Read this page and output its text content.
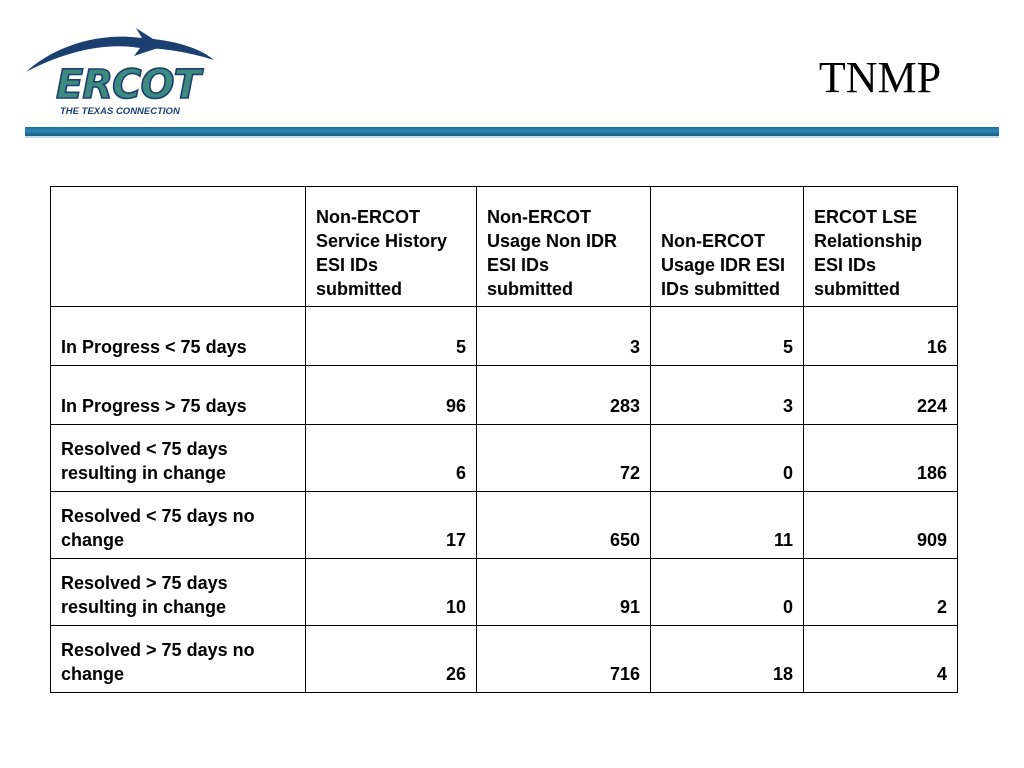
ERCOT
THE TEXAS CONNECTION
TNMP
	Non-ERCOT Service History ESI IDs submitted	Non-ERCOT Usage Non IDR ESI IDs submitted	Non-ERCOT Usage IDR ESI IDs submitted	ERCOT LSE Relationship ESI IDs submitted
In Progress < 75 days	5	3	5	16
In Progress > 75 days	96	283	3	224
Resolved < 75 days resulting in change	6	72	0	186
Resolved < 75 days no change	17	650	11	909
Resolved > 75 days resulting in change	10	91	0	2
Resolved > 75 days no change	26	716	18	4
